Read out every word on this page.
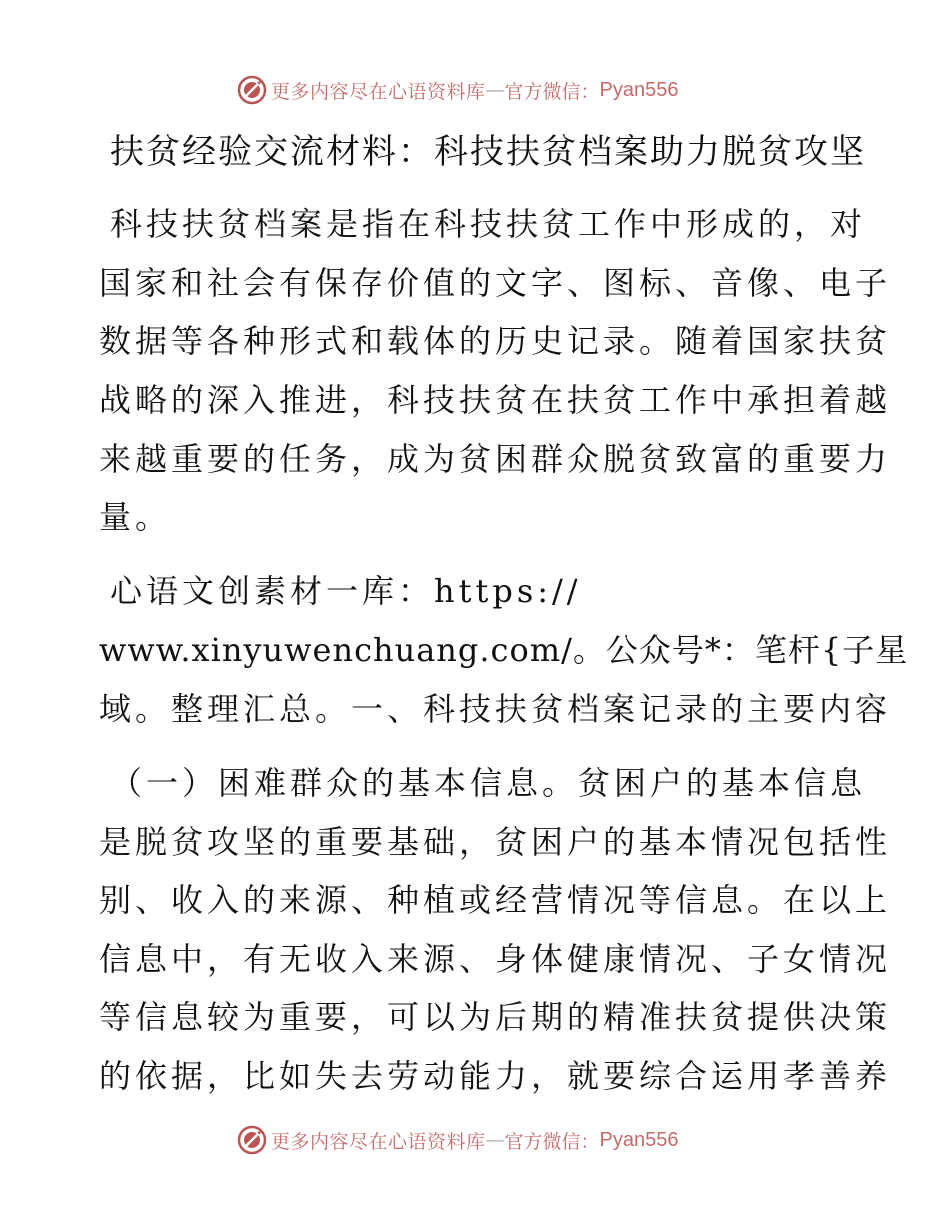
更多内容尽在心语资料库 — 官方微信： Pyan556
扶贫经验交流材料：科技扶贫档案助力脱贫攻坚
科技扶贫档案是指在科技扶贫工作中形成的，对
国家和社会有保存价值的文字、图标、音像、电子
数据等各种形式和载体的历史记录。随着国家扶贫
战略的深入推进，科技扶贫在扶贫工作中承担着越
来越重要的任务，成为贫困群众脱贫致富的重要力
量。
心语文创素材一库：https://
www.xinyuwenchuang.com/。公众号*：笔杆{子星
域。整理汇总。一、科技扶贫档案记录的主要内容
（一）困难群众的基本信息。贫困户的基本信息
是脱贫攻坚的重要基础，贫困户的基本情况包括性
别、收入的来源、种植或经营情况等信息。在以上
信息中，有无收入来源、身体健康情况、子女情况
等信息较为重要，可以为后期的精准扶贫提供决策
的依据，比如失去劳动能力，就要综合运用孝善养
更多内容尽在心语资料库 — 官方微信： Pyan556
